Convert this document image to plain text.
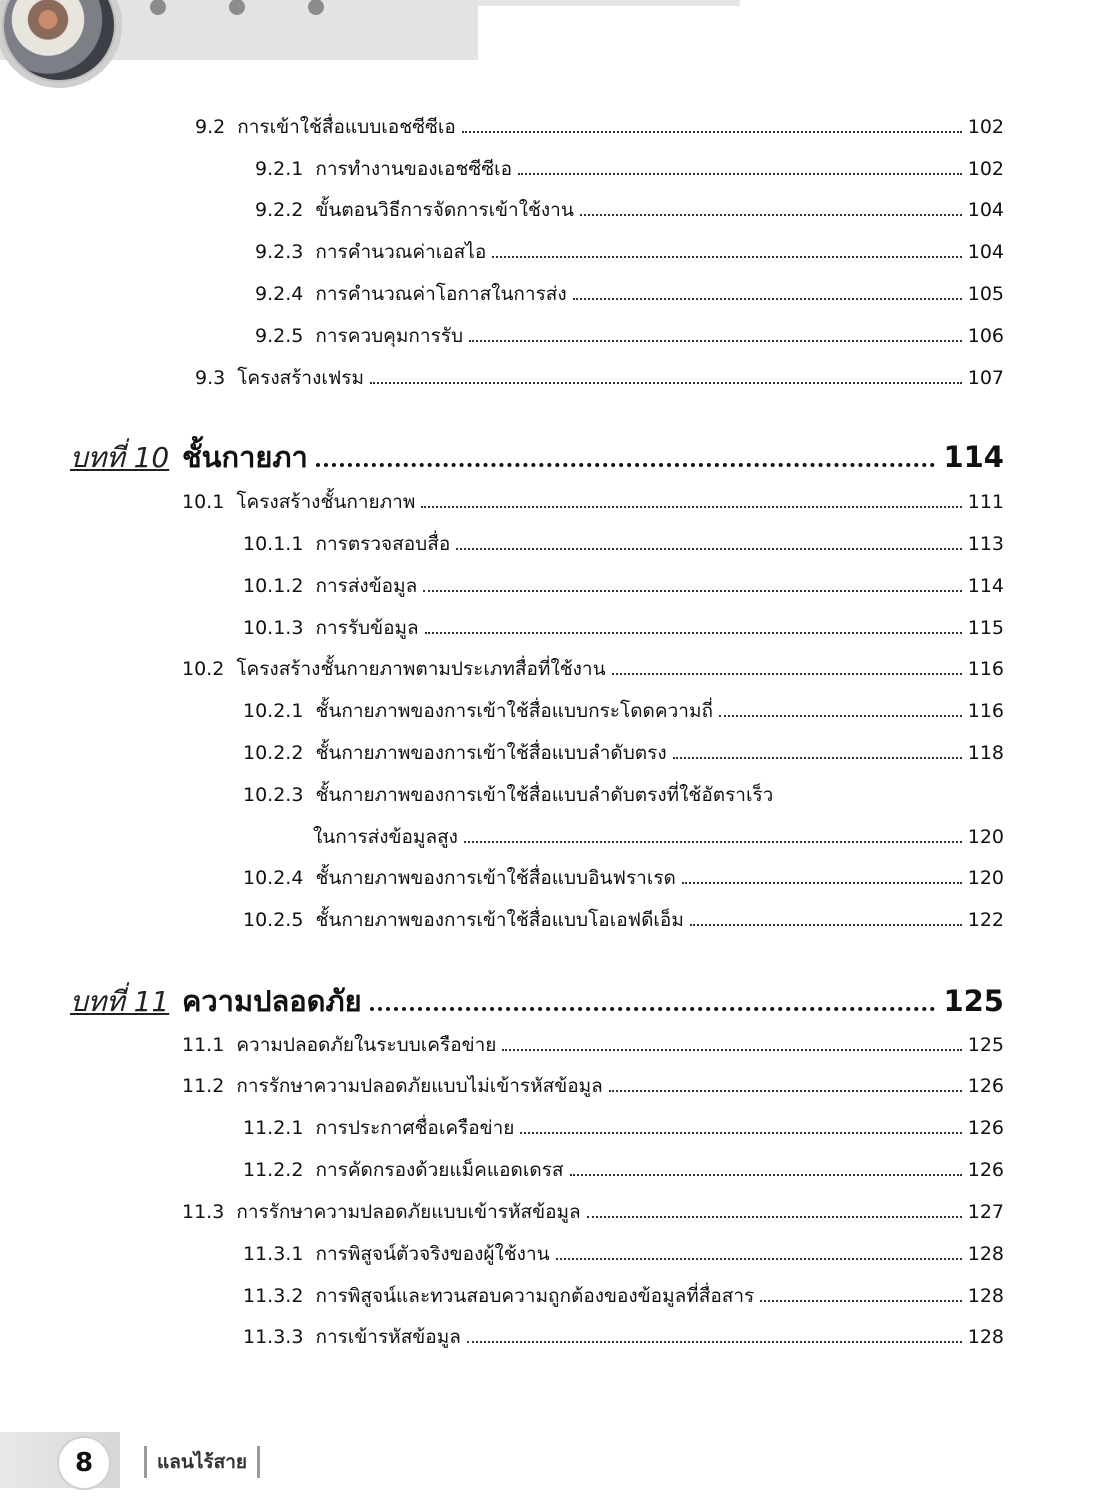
9.2 การเข้าใช้สื่อแบบเอชซีซีเอ	102
9.2.1 การทำงานของเอชซีซีเอ	102
9.2.2 ขั้นตอนวิธีการจัดการเข้าใช้งาน	104
9.2.3 การคำนวณค่าเอสไอ	104
9.2.4 การคำนวณค่าโอกาสในการส่ง	105
9.2.5 การควบคุมการรับ	106
9.3 โครงสร้างเฟรม	107
บทที่ 10 ชั้นกายภา	114
10.1 โครงสร้างชั้นกายภาพ	111
10.1.1 การตรวจสอบสื่อ	113
10.1.2 การส่งข้อมูล	114
10.1.3 การรับข้อมูล	115
10.2 โครงสร้างชั้นกายภาพตามประเภทสื่อที่ใช้งาน	116
10.2.1 ชั้นกายภาพของการเข้าใช้สื่อแบบกระโดดความถี่	116
10.2.2 ชั้นกายภาพของการเข้าใช้สื่อแบบลำดับตรง	118
10.2.3 ชั้นกายภาพของการเข้าใช้สื่อแบบลำดับตรงที่ใช้อัตราเร็ว
ในการส่งข้อมูลสูง	120
10.2.4 ชั้นกายภาพของการเข้าใช้สื่อแบบอินฟราเรด	120
10.2.5 ชั้นกายภาพของการเข้าใช้สื่อแบบโอเอฟดีเอ็ม	122
บทที่ 11 ความปลอดภัย	125
11.1 ความปลอดภัยในระบบเครือข่าย	125
11.2 การรักษาความปลอดภัยแบบไม่เข้ารหัสข้อมูล	126
11.2.1 การประกาศชื่อเครือข่าย	126
11.2.2 การคัดกรองด้วยแม็คแอดเดรส	126
11.3 การรักษาความปลอดภัยแบบเข้ารหัสข้อมูล	127
11.3.1 การพิสูจน์ตัวจริงของผู้ใช้งาน	128
11.3.2 การพิสูจน์และทวนสอบความถูกต้องของข้อมูลที่สื่อสาร	128
11.3.3 การเข้ารหัสข้อมูล	128
8	แลนไร้สาย
